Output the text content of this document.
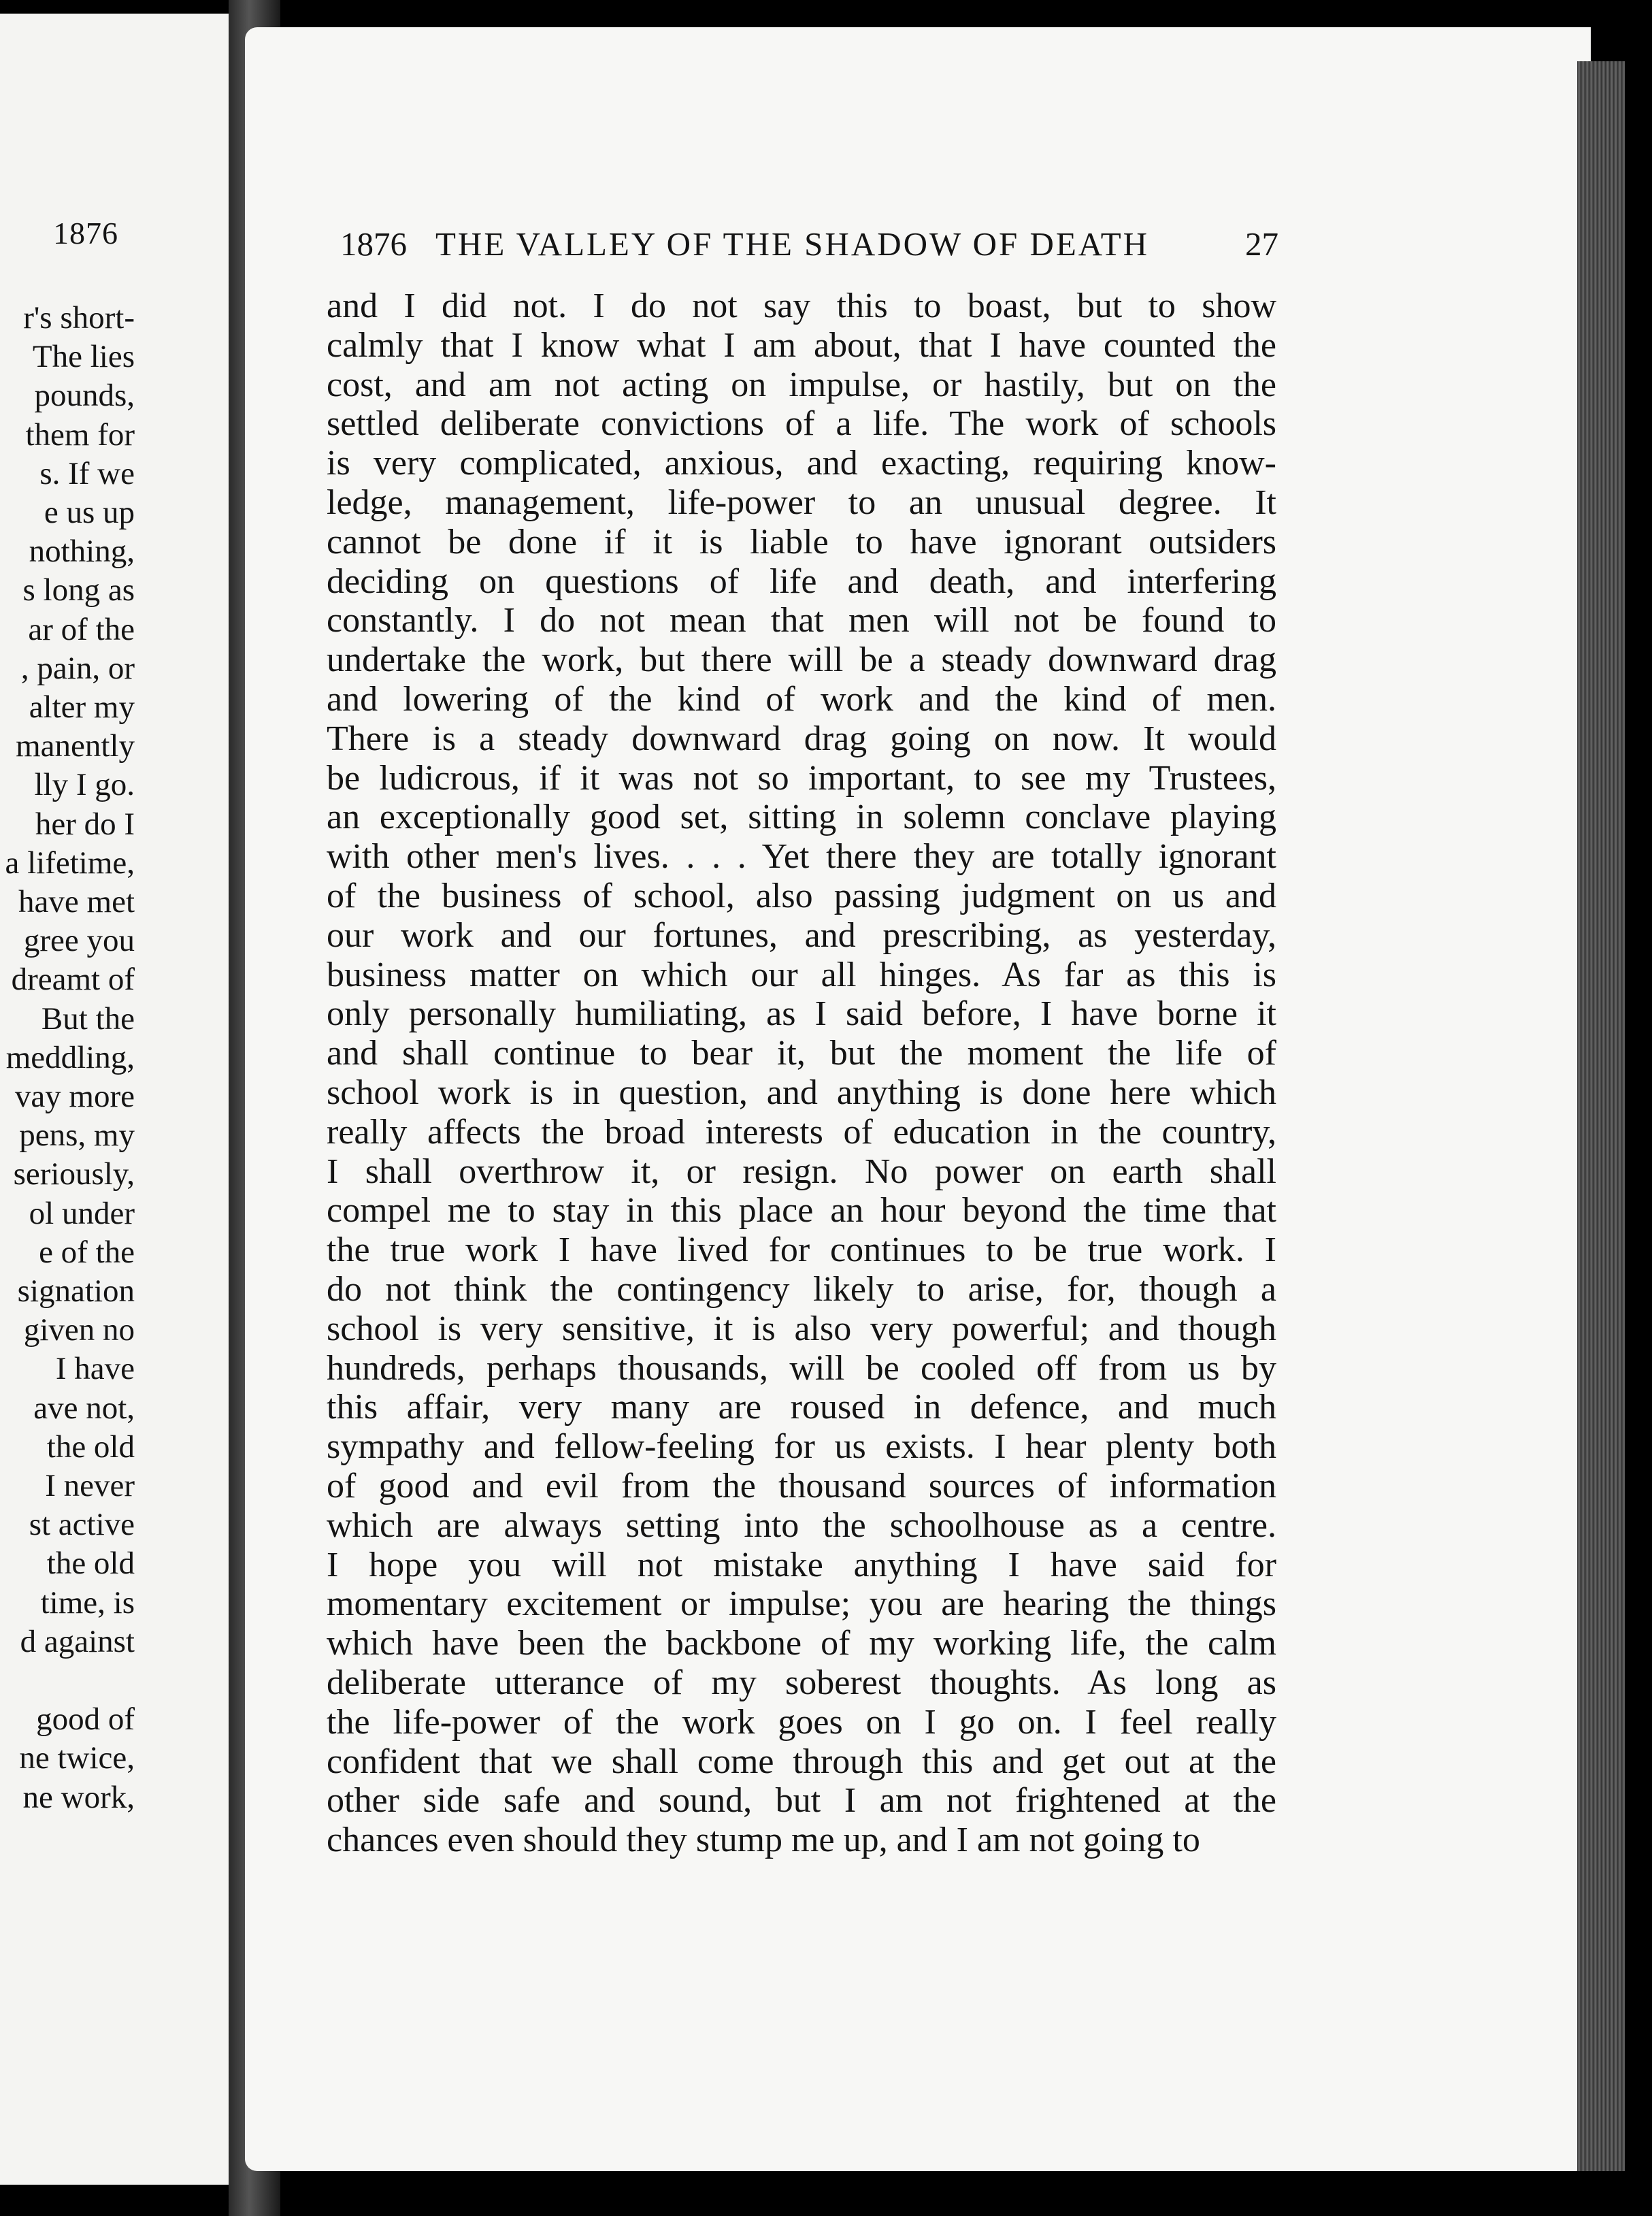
1876
r's short-
The lies
pounds,
them for
s. If we
e us up
nothing,
s long as
ar of the
, pain, or
alter my
manently
lly I go.
her do I
a lifetime,
have met
gree you
dreamt of
But the
meddling,
vay more
pens, my
seriously,
ol under
e of the
signation
given no
I have
ave not,
the old
I never
st active
the old
time, is
d against
good of
ne twice,
ne work,
1876 THE VALLEY OF THE SHADOW OF DEATH	27
and I did not. I do not say this to boast, but to show
calmly that I know what I am about, that I have counted the
cost, and am not acting on impulse, or hastily, but on the
settled deliberate convictions of a life. The work of schools
is very complicated, anxious, and exacting, requiring know-
ledge, management, life-power to an unusual degree. It
cannot be done if it is liable to have ignorant outsiders
deciding on questions of life and death, and interfering
constantly. I do not mean that men will not be found to
undertake the work, but there will be a steady downward drag
and lowering of the kind of work and the kind of men.
There is a steady downward drag going on now. It would
be ludicrous, if it was not so important, to see my Trustees,
an exceptionally good set, sitting in solemn conclave playing
with other men's lives. . . . Yet there they are totally ignorant
of the business of school, also passing judgment on us and
our work and our fortunes, and prescribing, as yesterday,
business matter on which our all hinges. As far as this is
only personally humiliating, as I said before, I have borne it
and shall continue to bear it, but the moment the life of
school work is in question, and anything is done here which
really affects the broad interests of education in the country,
I shall overthrow it, or resign. No power on earth shall
compel me to stay in this place an hour beyond the time that
the true work I have lived for continues to be true work. I
do not think the contingency likely to arise, for, though a
school is very sensitive, it is also very powerful; and though
hundreds, perhaps thousands, will be cooled off from us by
this affair, very many are roused in defence, and much
sympathy and fellow-feeling for us exists. I hear plenty both
of good and evil from the thousand sources of information
which are always setting into the schoolhouse as a centre.
I hope you will not mistake anything I have said for
momentary excitement or impulse; you are hearing the things
which have been the backbone of my working life, the calm
deliberate utterance of my soberest thoughts. As long as
the life-power of the work goes on I go on. I feel really
confident that we shall come through this and get out at the
other side safe and sound, but I am not frightened at the
chances even should they stump me up, and I am not going to
